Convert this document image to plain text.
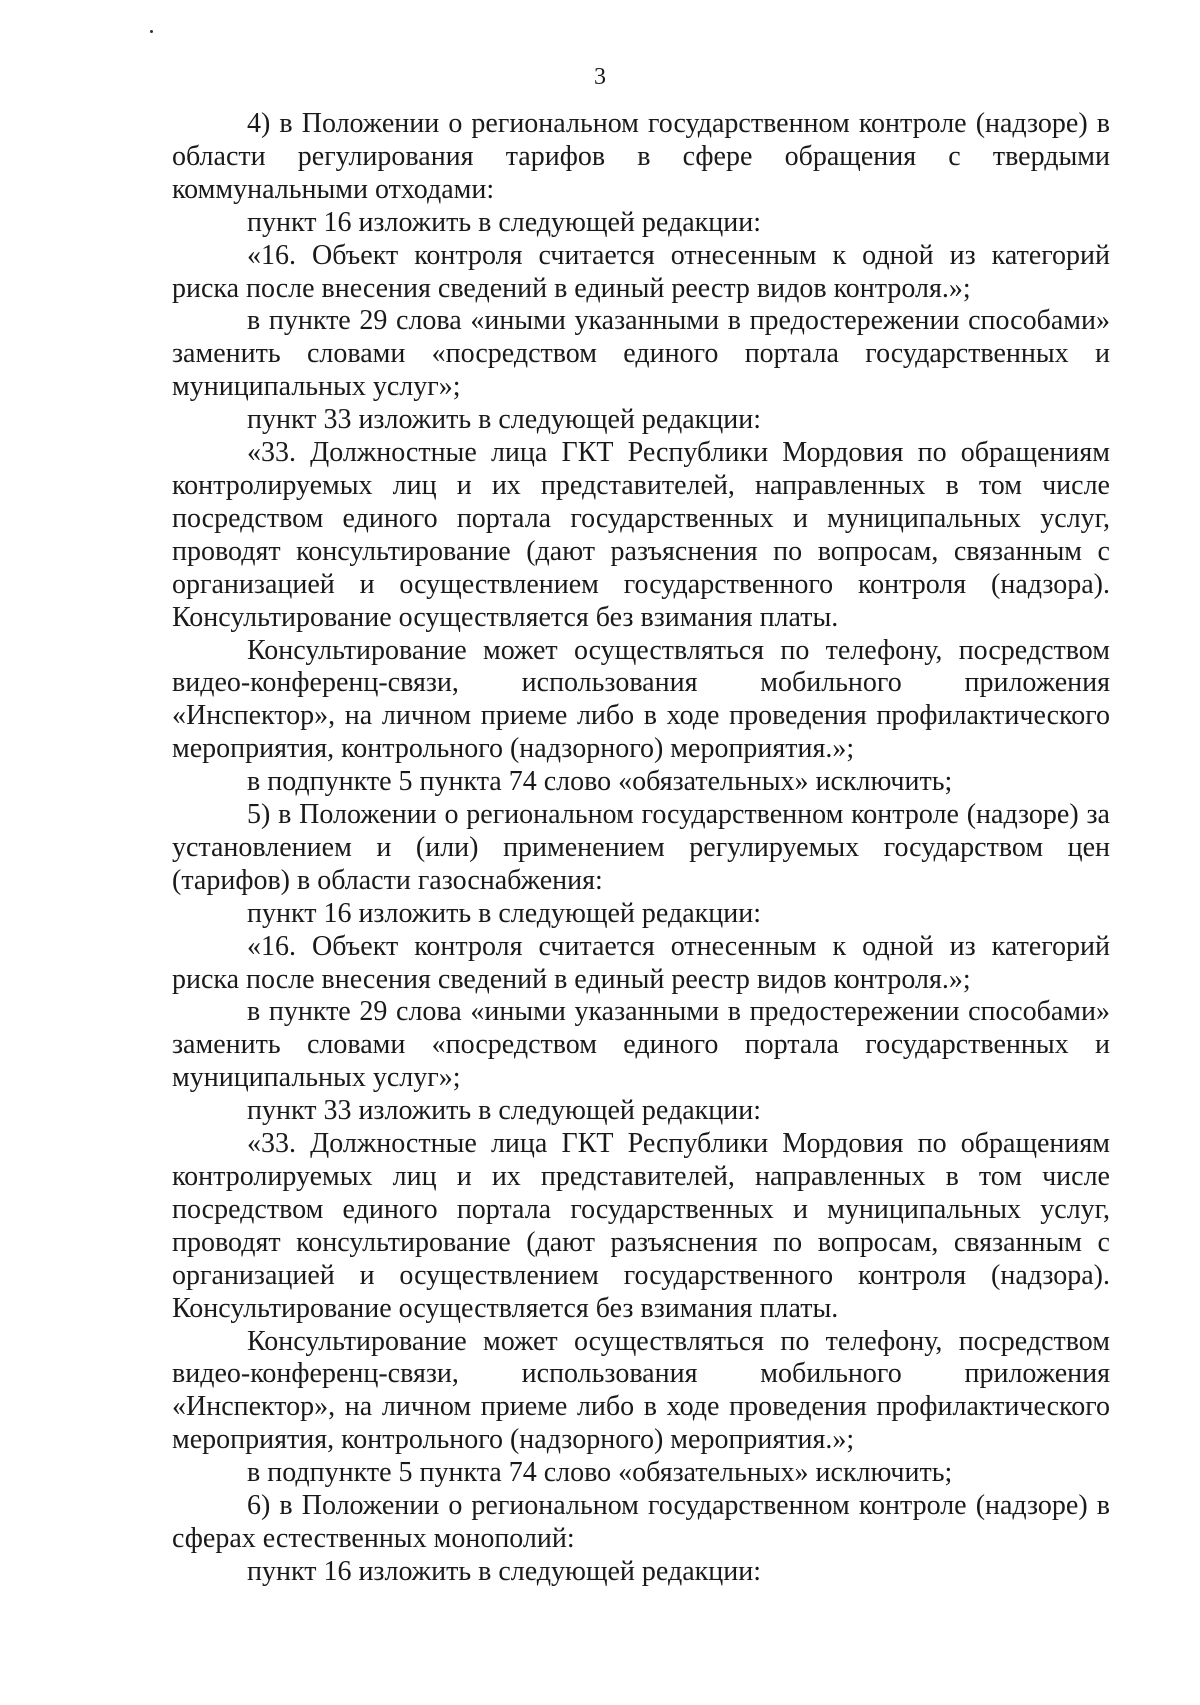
3

4) в Положении о региональном государственном контроле (надзоре) в области регулирования тарифов в сфере обращения с твердыми коммунальными отходами:

пункт 16 изложить в следующей редакции:

«16. Объект контроля считается отнесенным к одной из категорий риска после внесения сведений в единый реестр видов контроля.»;

в пункте 29 слова «иными указанными в предостережении способами» заменить словами «посредством единого портала государственных и муниципальных услуг»;

пункт 33 изложить в следующей редакции:

«33. Должностные лица ГКТ Республики Мордовия по обращениям контролируемых лиц и их представителей, направленных в том числе посредством единого портала государственных и муниципальных услуг, проводят консультирование (дают разъяснения по вопросам, связанным с организацией и осуществлением государственного контроля (надзора). Консультирование осуществляется без взимания платы.

Консультирование может осуществляться по телефону, посредством видео-конференц-связи, использования мобильного приложения «Инспектор», на личном приеме либо в ходе проведения профилактического мероприятия, контрольного (надзорного) мероприятия.»;

в подпункте 5 пункта 74 слово «обязательных» исключить;

5) в Положении о региональном государственном контроле (надзоре) за установлением и (или) применением регулируемых государством цен (тарифов) в области газоснабжения:

пункт 16 изложить в следующей редакции:

«16. Объект контроля считается отнесенным к одной из категорий риска после внесения сведений в единый реестр видов контроля.»;

в пункте 29 слова «иными указанными в предостережении способами» заменить словами «посредством единого портала государственных и муниципальных услуг»;

пункт 33 изложить в следующей редакции:

«33. Должностные лица ГКТ Республики Мордовия по обращениям контролируемых лиц и их представителей, направленных в том числе посредством единого портала государственных и муниципальных услуг, проводят консультирование (дают разъяснения по вопросам, связанным с организацией и осуществлением государственного контроля (надзора). Консультирование осуществляется без взимания платы.

Консультирование может осуществляться по телефону, посредством видео-конференц-связи, использования мобильного приложения «Инспектор», на личном приеме либо в ходе проведения профилактического мероприятия, контрольного (надзорного) мероприятия.»;

в подпункте 5 пункта 74 слово «обязательных» исключить;

6) в Положении о региональном государственном контроле (надзоре) в сферах естественных монополий:

пункт 16 изложить в следующей редакции:
